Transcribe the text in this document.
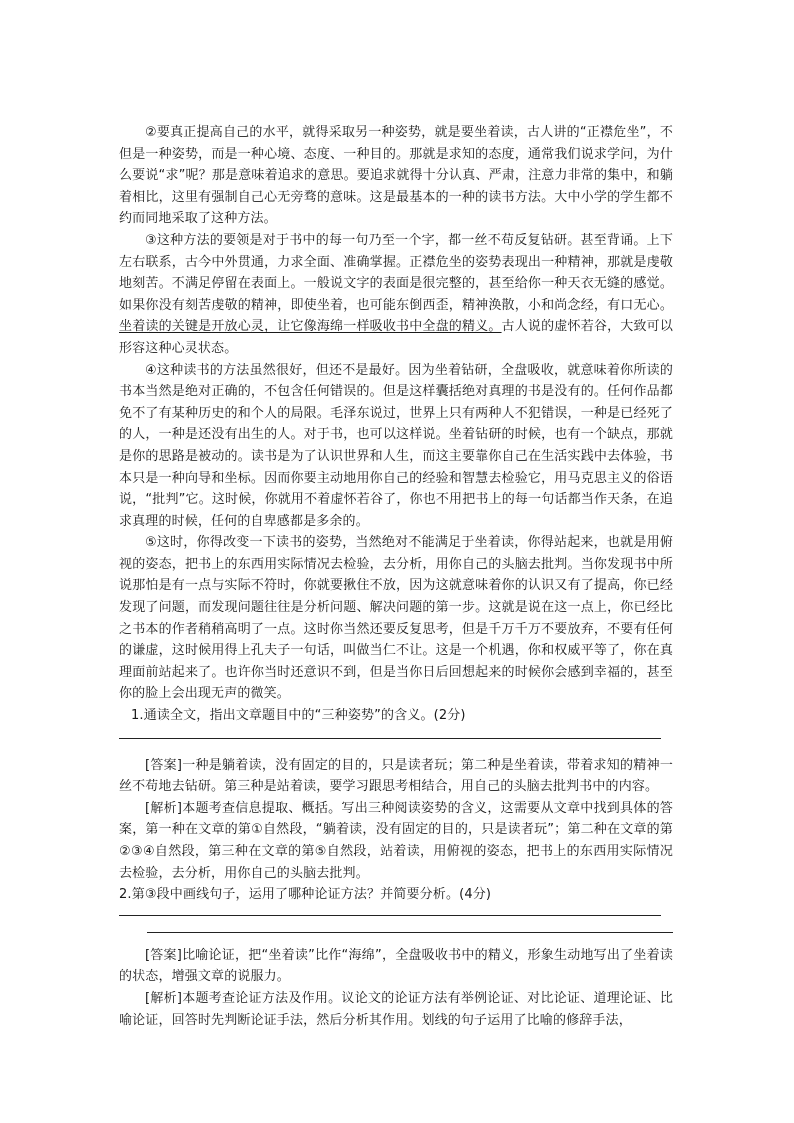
②要真正提高自己的水平，就得采取另一种姿势，就是要坐着读，古人讲的“正襟危坐”，不但是一种姿势，而是一种心境、态度、一种目的。那就是求知的态度，通常我们说求学问，为什么要说“求”呢？那是意味着追求的意思。要追求就得十分认真、严肃，注意力非常的集中，和躺着相比，这里有强制自己心无旁骛的意味。这是最基本的一种的读书方法。大中小学的学生都不约而同地采取了这种方法。

③这种方法的要领是对于书中的每一句乃至一个字，都一丝不苟反复钻研。甚至背诵。上下左右联系，古今中外贯通，力求全面、准确掌握。正襟危坐的姿势表现出一种精神，那就是虔敬地刻苦。不满足停留在表面上。一般说文字的表面是很完整的，甚至给你一种天衣无缝的感觉。如果你没有刻苦虔敬的精神，即使坐着，也可能东倒西歪，精神涣散，小和尚念经，有口无心。坐着读的关键是开放心灵，让它像海绵一样吸收书中全盘的精义。古人说的虚怀若谷，大致可以形容这种心灵状态。

④这种读书的方法虽然很好，但还不是最好。因为坐着钻研，全盘吸收，就意味着你所读的书本当然是绝对正确的，不包含任何错误的。但是这样囊括绝对真理的书是没有的。任何作品都免不了有某种历史的和个人的局限。毛泽东说过，世界上只有两种人不犯错误，一种是已经死了的人，一种是还没有出生的人。对于书，也可以这样说。坐着钻研的时候，也有一个缺点，那就是你的思路是被动的。读书是为了认识世界和人生，而这主要靠你自己在生活实践中去体验，书本只是一种向导和坐标。因而你要主动地用你自己的经验和智慧去检验它，用马克思主义的俗语说，“批判”它。这时候，你就用不着虚怀若谷了，你也不用把书上的每一句话都当作天条，在追求真理的时候，任何的自卑感都是多余的。

⑤这时，你得改变一下读书的姿势，当然绝对不能满足于坐着读，你得站起来，也就是用俯视的姿态，把书上的东西用实际情况去检验，去分析，用你自己的头脑去批判。当你发现书中所说那怕是有一点与实际不符时，你就要揪住不放，因为这就意味着你的认识又有了提高，你已经发现了问题，而发现问题往往是分析问题、解决问题的第一步。这就是说在这一点上，你已经比之书本的作者稍稍高明了一点。这时你当然还要反复思考，但是千万千万不要放弃，不要有任何的谦虚，这时候用得上孔夫子一句话，叫做当仁不让。这是一个机遇，你和权威平等了，你在真理面前站起来了。也许你当时还意识不到，但是当你日后回想起来的时候你会感到幸福的，甚至你的脸上会出现无声的微笑。

1.通读全文，指出文章题目中的“三种姿势”的含义。(2分)

[答案]一种是躺着读，没有固定的目的，只是读者玩；第二种是坐着读，带着求知的精神一丝不苟地去钻研。第三种是站着读，要学习跟思考相结合，用自己的头脑去批判书中的内容。

[解析]本题考查信息提取、概括。写出三种阅读姿势的含义，这需要从文章中找到具体的答案，第一种在文章的第①自然段，“躺着读，没有固定的目的，只是读者玩”；第二种在文章的第②③④自然段，第三种在文章的第⑤自然段，站着读，用俯视的姿态，把书上的东西用实际情况去检验，去分析，用你自己的头脑去批判。

2.第③段中画线句子，运用了哪种论证方法？并简要分析。(4分)

[答案]比喻论证，把“坐着读”比作“海绵”，全盘吸收书中的精义，形象生动地写出了坐着读的状态，增强文章的说服力。

[解析]本题考查论证方法及作用。议论文的论证方法有举例论证、对比论证、道理论证、比喻论证，回答时先判断论证手法，然后分析其作用。划线的句子运用了比喻的修辞手法，
